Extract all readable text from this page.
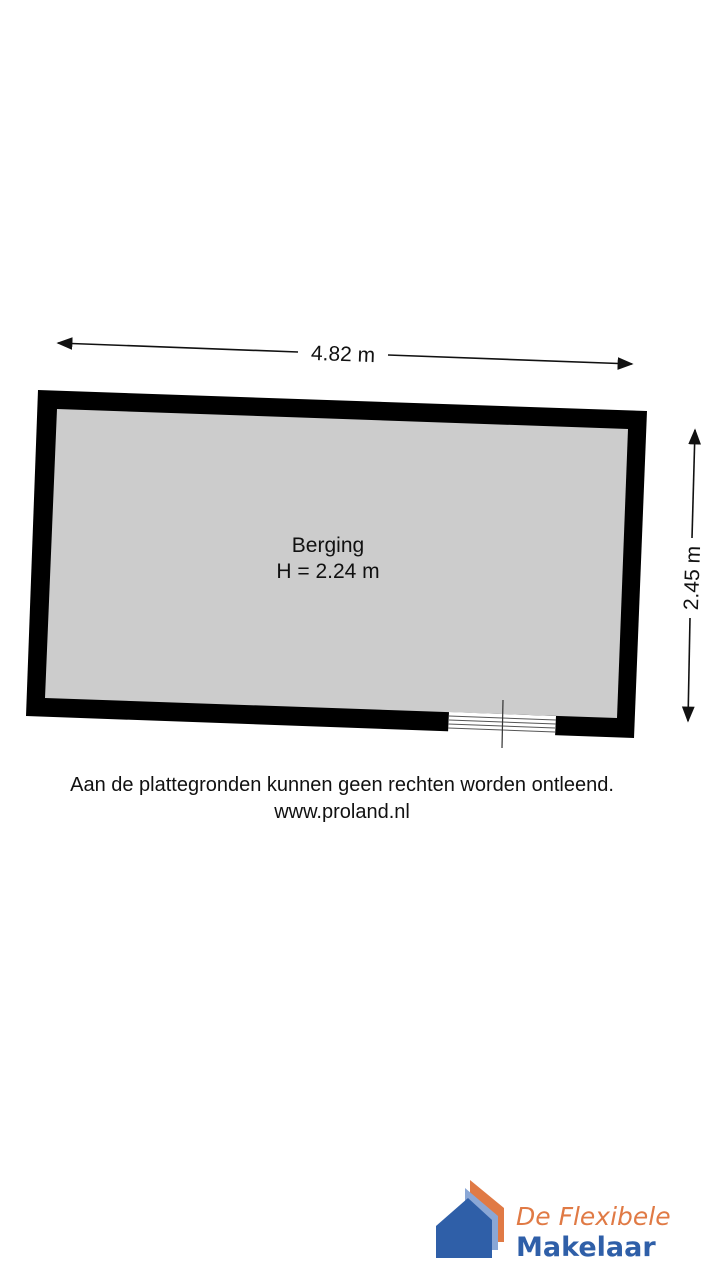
4.82 m
2.45 m
Berging
H = 2.24 m
Aan de plattegronden kunnen geen rechten worden ontleend.
www.proland.nl
De Flexibele
Makelaar
